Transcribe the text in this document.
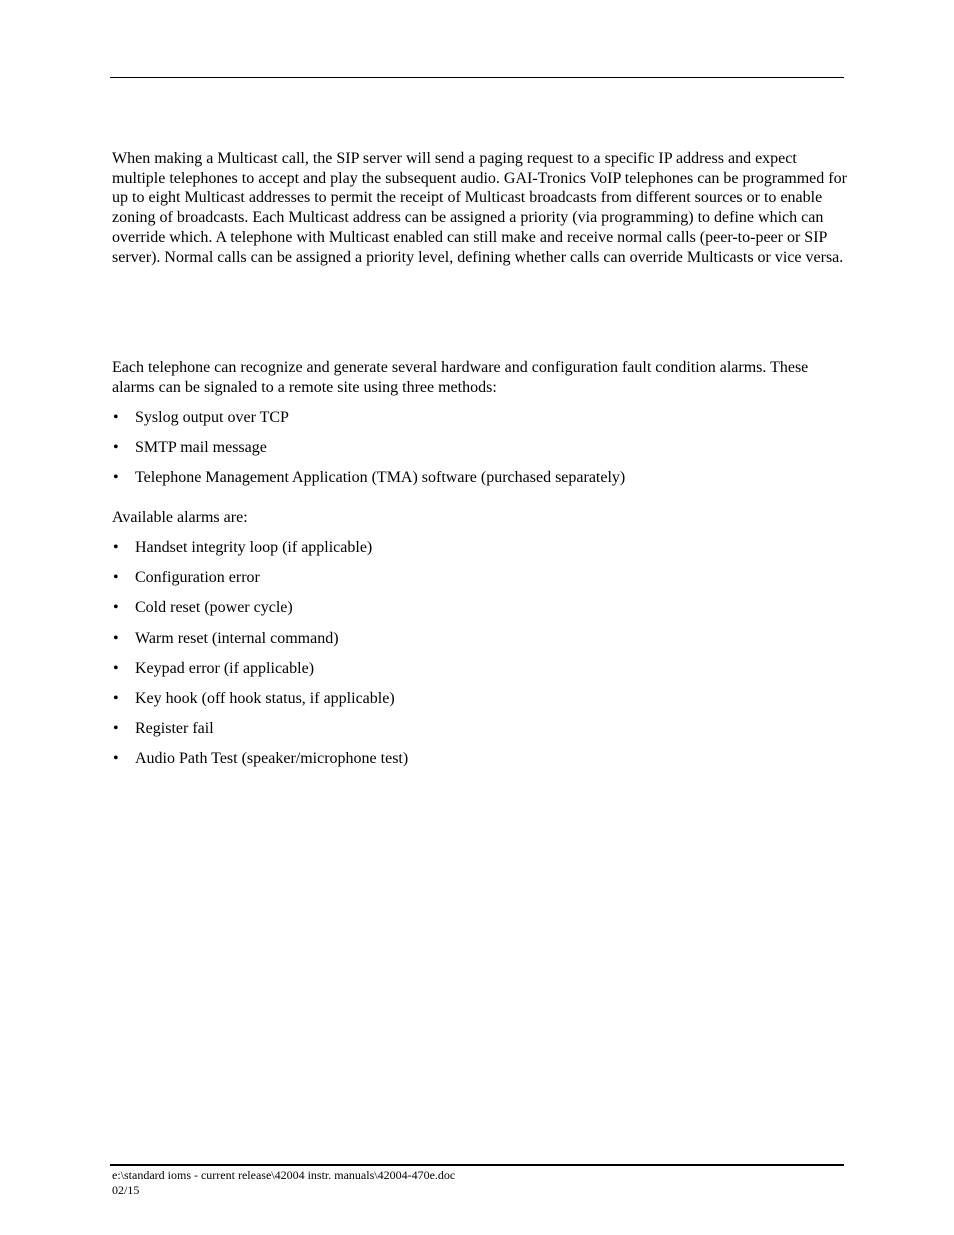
When making a Multicast call, the SIP server will send a paging request to a specific IP address and expect multiple telephones to accept and play the subsequent audio. GAI-Tronics VoIP telephones can be programmed for up to eight Multicast addresses to permit the receipt of Multicast broadcasts from different sources or to enable zoning of broadcasts. Each Multicast address can be assigned a priority (via programming) to define which can override which. A telephone with Multicast enabled can still make and receive normal calls (peer-to-peer or SIP server). Normal calls can be assigned a priority level, defining whether calls can override Multicasts or vice versa.

Each telephone can recognize and generate several hardware and configuration fault condition alarms. These alarms can be signaled to a remote site using three methods:

• Syslog output over TCP
• SMTP mail message
• Telephone Management Application (TMA) software (purchased separately)

Available alarms are:

• Handset integrity loop (if applicable)
• Configuration error
• Cold reset (power cycle)
• Warm reset (internal command)
• Keypad error (if applicable)
• Key hook (off hook status, if applicable)
• Register fail
• Audio Path Test (speaker/microphone test)
e:\standard ioms - current release\42004 instr. manuals\42004-470e.doc
02/15
